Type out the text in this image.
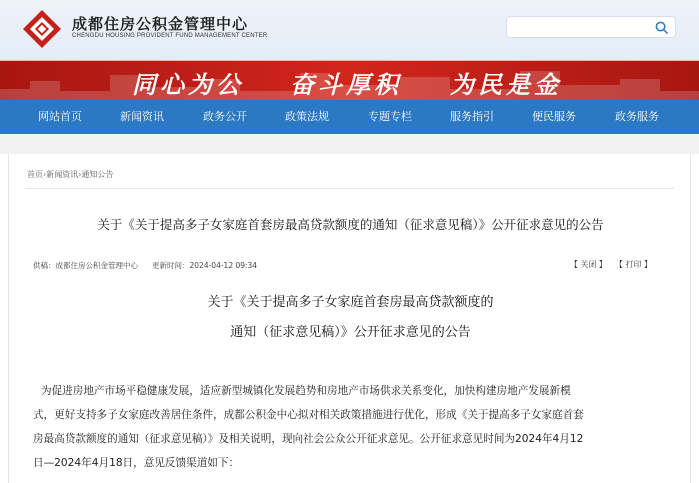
成都住房公积金管理中心
CHENGDU HOUSING PROVIDENT FUND MANAGEMENT CENTER
同心为公 奋斗厚积 为民是金
网站首页	新闻资讯	政务公开	政策法规	专题专栏	服务指引	便民服务	政务服务
首页›新闻资讯›通知公告
关于《关于提高多子女家庭首套房最高贷款额度的通知（征求意见稿）》公开征求意见的公告
供稿：成都住房公积金管理中心 更新时间：2024-04-12 09:34	【 关闭 】 【 打印 】
关于《关于提高多子女家庭首套房最高贷款额度的
通知（征求意见稿）》公开征求意见的公告
为促进房地产市场平稳健康发展，适应新型城镇化发展趋势和房地产市场供求关系变化，加快构建房地产发展新模
式，更好支持多子女家庭改善居住条件，成都公积金中心拟对相关政策措施进行优化，形成《关于提高多子女家庭首套
房最高贷款额度的通知（征求意见稿）》及相关说明，现向社会公众公开征求意见。公开征求意见时间为2024年4月12
日—2024年4月18日，意见反馈渠道如下：
